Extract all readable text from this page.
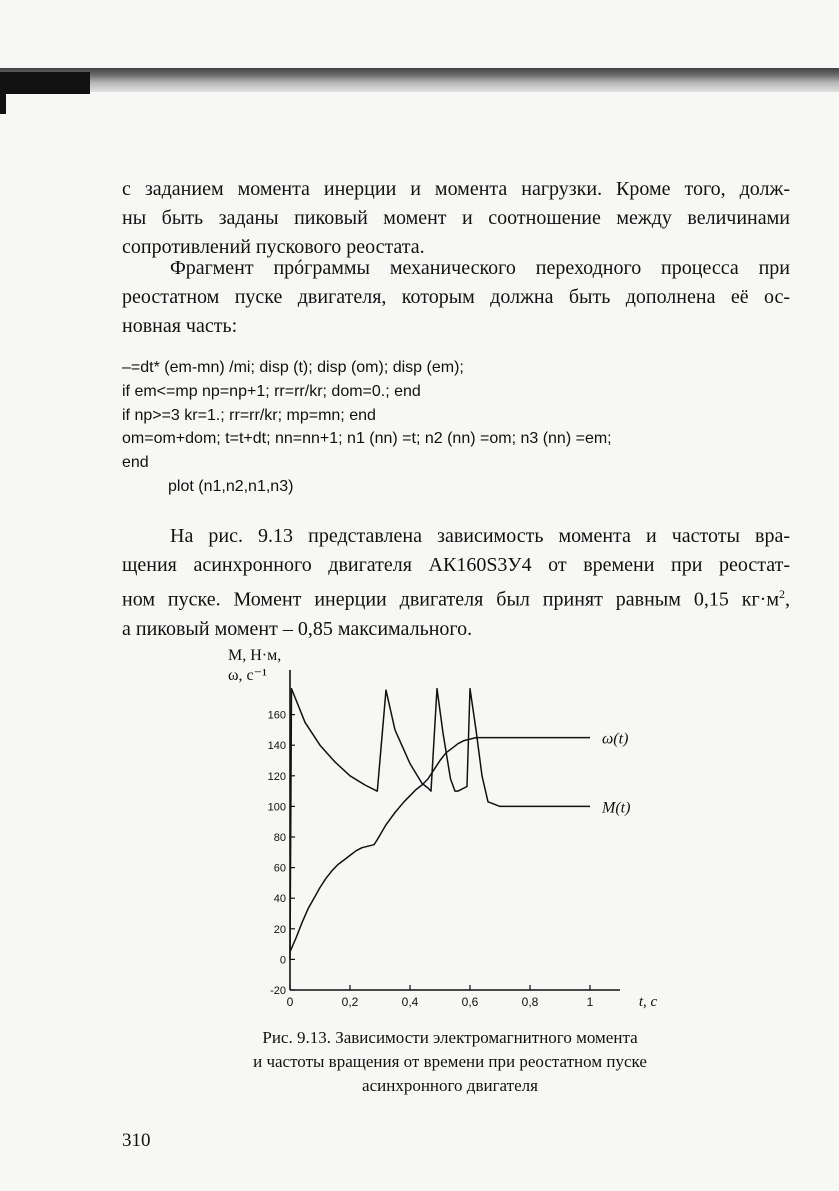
с заданием момента инерции и момента нагрузки. Кроме того, долж-
ны быть заданы пиковый момент и соотношение между величинами
сопротивлений пускового реостата.

Фрагмент прóграммы механического переходного процесса при
реостатном пуске двигателя, которым должна быть дополнена её ос-
новная часть:

–=dt* (em-mn) /mi; disp (t); disp (om); disp (em);
if em<=mp np=np+1; rr=rr/kr; dom=0.; end
if np>=3 kr=1.; rr=rr/kr; mp=mn; end
om=om+dom; t=t+dt; nn=nn+1; n1 (nn) =t; n2 (nn) =om; n3 (nn) =em;
end
plot (n1,n2,n1,n3)

На рис. 9.13 представлена зависимость момента и частоты вра-
щения асинхронного двигателя АК160S3У4 от времени при реостат-
ном пуске. Момент инерции двигателя был принят равным 0,15 $кг\cdot м^2$,
а пиковый момент – 0,85 максимального.

-20
0
20
40
60
80
100
120
140
160
0	0,2	0,4	0,6	0,8	1
ω(t)
M(t)
M, Н·м,
ω, с⁻¹
t, c
Рис. 9.13. Зависимости электромагнитного момента
и частоты вращения от времени при реостатном пуске
асинхронного двигателя
310
